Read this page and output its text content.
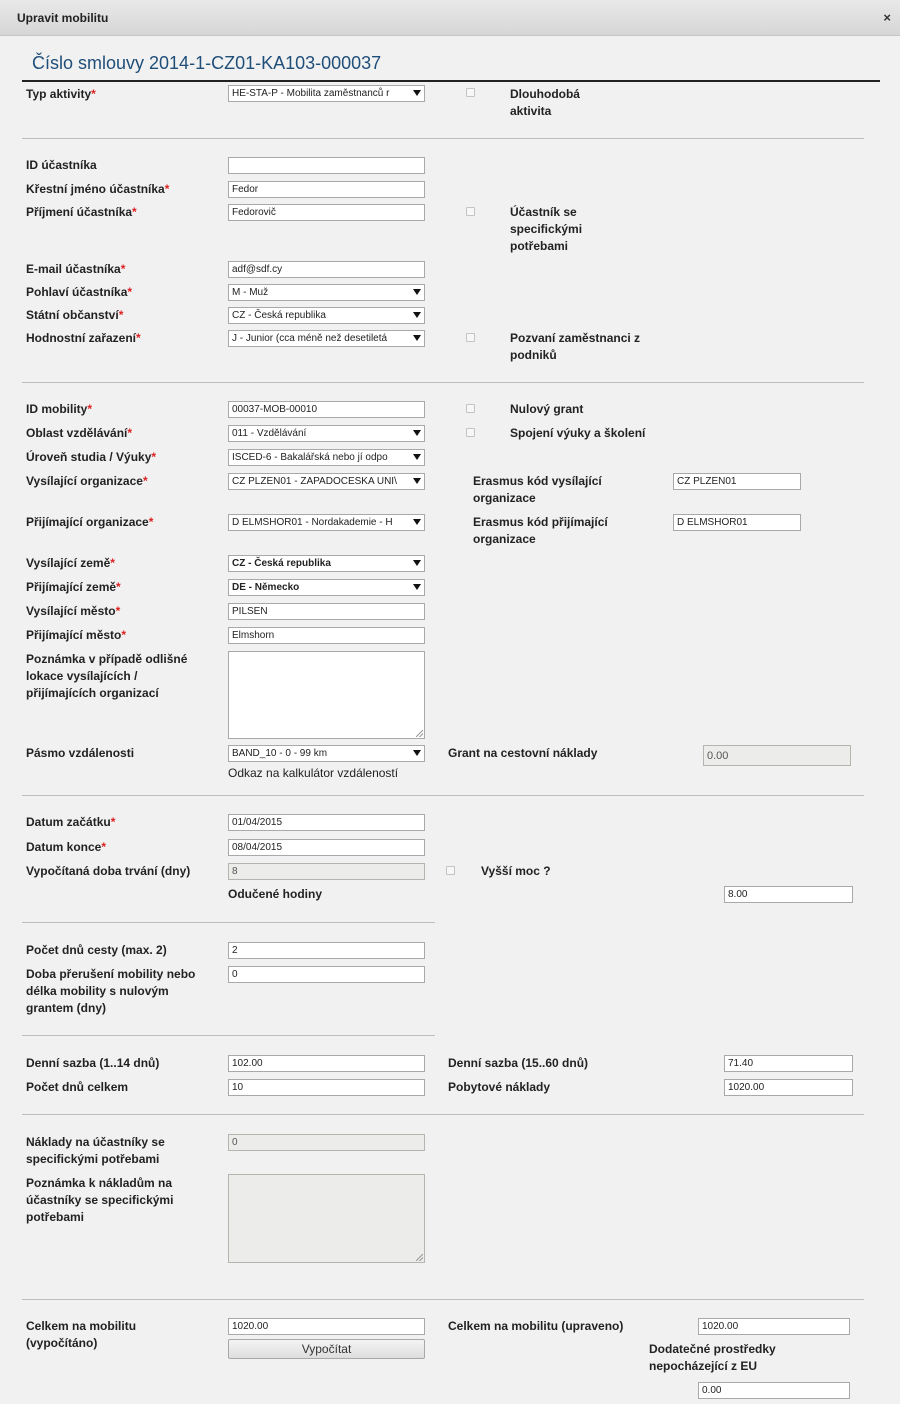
Upravit mobilitu	×
Číslo smlouvy 2014-1-CZ01-KA103-000037
Typ aktivity*	HE-STA-P - Mobilita zaměstnanců r	Dlouhodobá
aktivita
ID účastníka
Křestní jméno účastníka*	Fedor
Příjmení účastníka*	Fedorovič	Účastník se
specifickými
potřebami
E-mail účastníka*	adf@sdf.cy
Pohlaví účastníka*	M - Muž
Státní občanství*	CZ - Česká republika
Hodnostní zařazení*	J - Junior (cca méně než desetiletá	Pozvaní zaměstnanci z
podniků
ID mobility*	00037-MOB-00010	Nulový grant
Oblast vzdělávání*	011 - Vzdělávání	Spojení výuky a školení
Úroveň studia / Výuky*	ISCED-6 - Bakalářská nebo jí odpo
Vysílající organizace*	CZ PLZEN01 - ZAPADOCESKA UNI\	Erasmus kód vysílající
organizace
CZ PLZEN01
Přijímající organizace*	D ELMSHOR01 - Nordakademie - H	Erasmus kód přijímající
organizace
D ELMSHOR01
Vysílající země*	CZ - Česká republika
Přijímající země*	DE - Německo
Vysílající město*	PILSEN
Přijímající město*	Elmshorn
Poznámka v případě odlišné
lokace vysílajících /
přijímajících organizací
Pásmo vzdálenosti	BAND_10 - 0 - 99 km
Odkaz na kalkulátor vzdáleností
Grant na cestovní náklady	0.00
Datum začátku*	01/04/2015
Datum konce*	08/04/2015
Vypočítaná doba trvání (dny)	8	Vyšší moc ?
Odučené hodiny	8.00
Počet dnů cesty (max. 2)	2
Doba přerušení mobility nebo
délka mobility s nulovým
grantem (dny)
0
Denní sazba (1..14 dnů)	102.00	Denní sazba (15..60 dnů)	71.40
Počet dnů celkem	10	Pobytové náklady	1020.00
Náklady na účastníky se
specifickými potřebami
0
Poznámka k nákladům na
účastníky se specifickými
potřebami
Celkem na mobilitu
(vypočítáno)
1020.00
Vypočítat
Celkem na mobilitu (upraveno)	1020.00
Dodatečné prostředky
nepocházející z EU
0.00
